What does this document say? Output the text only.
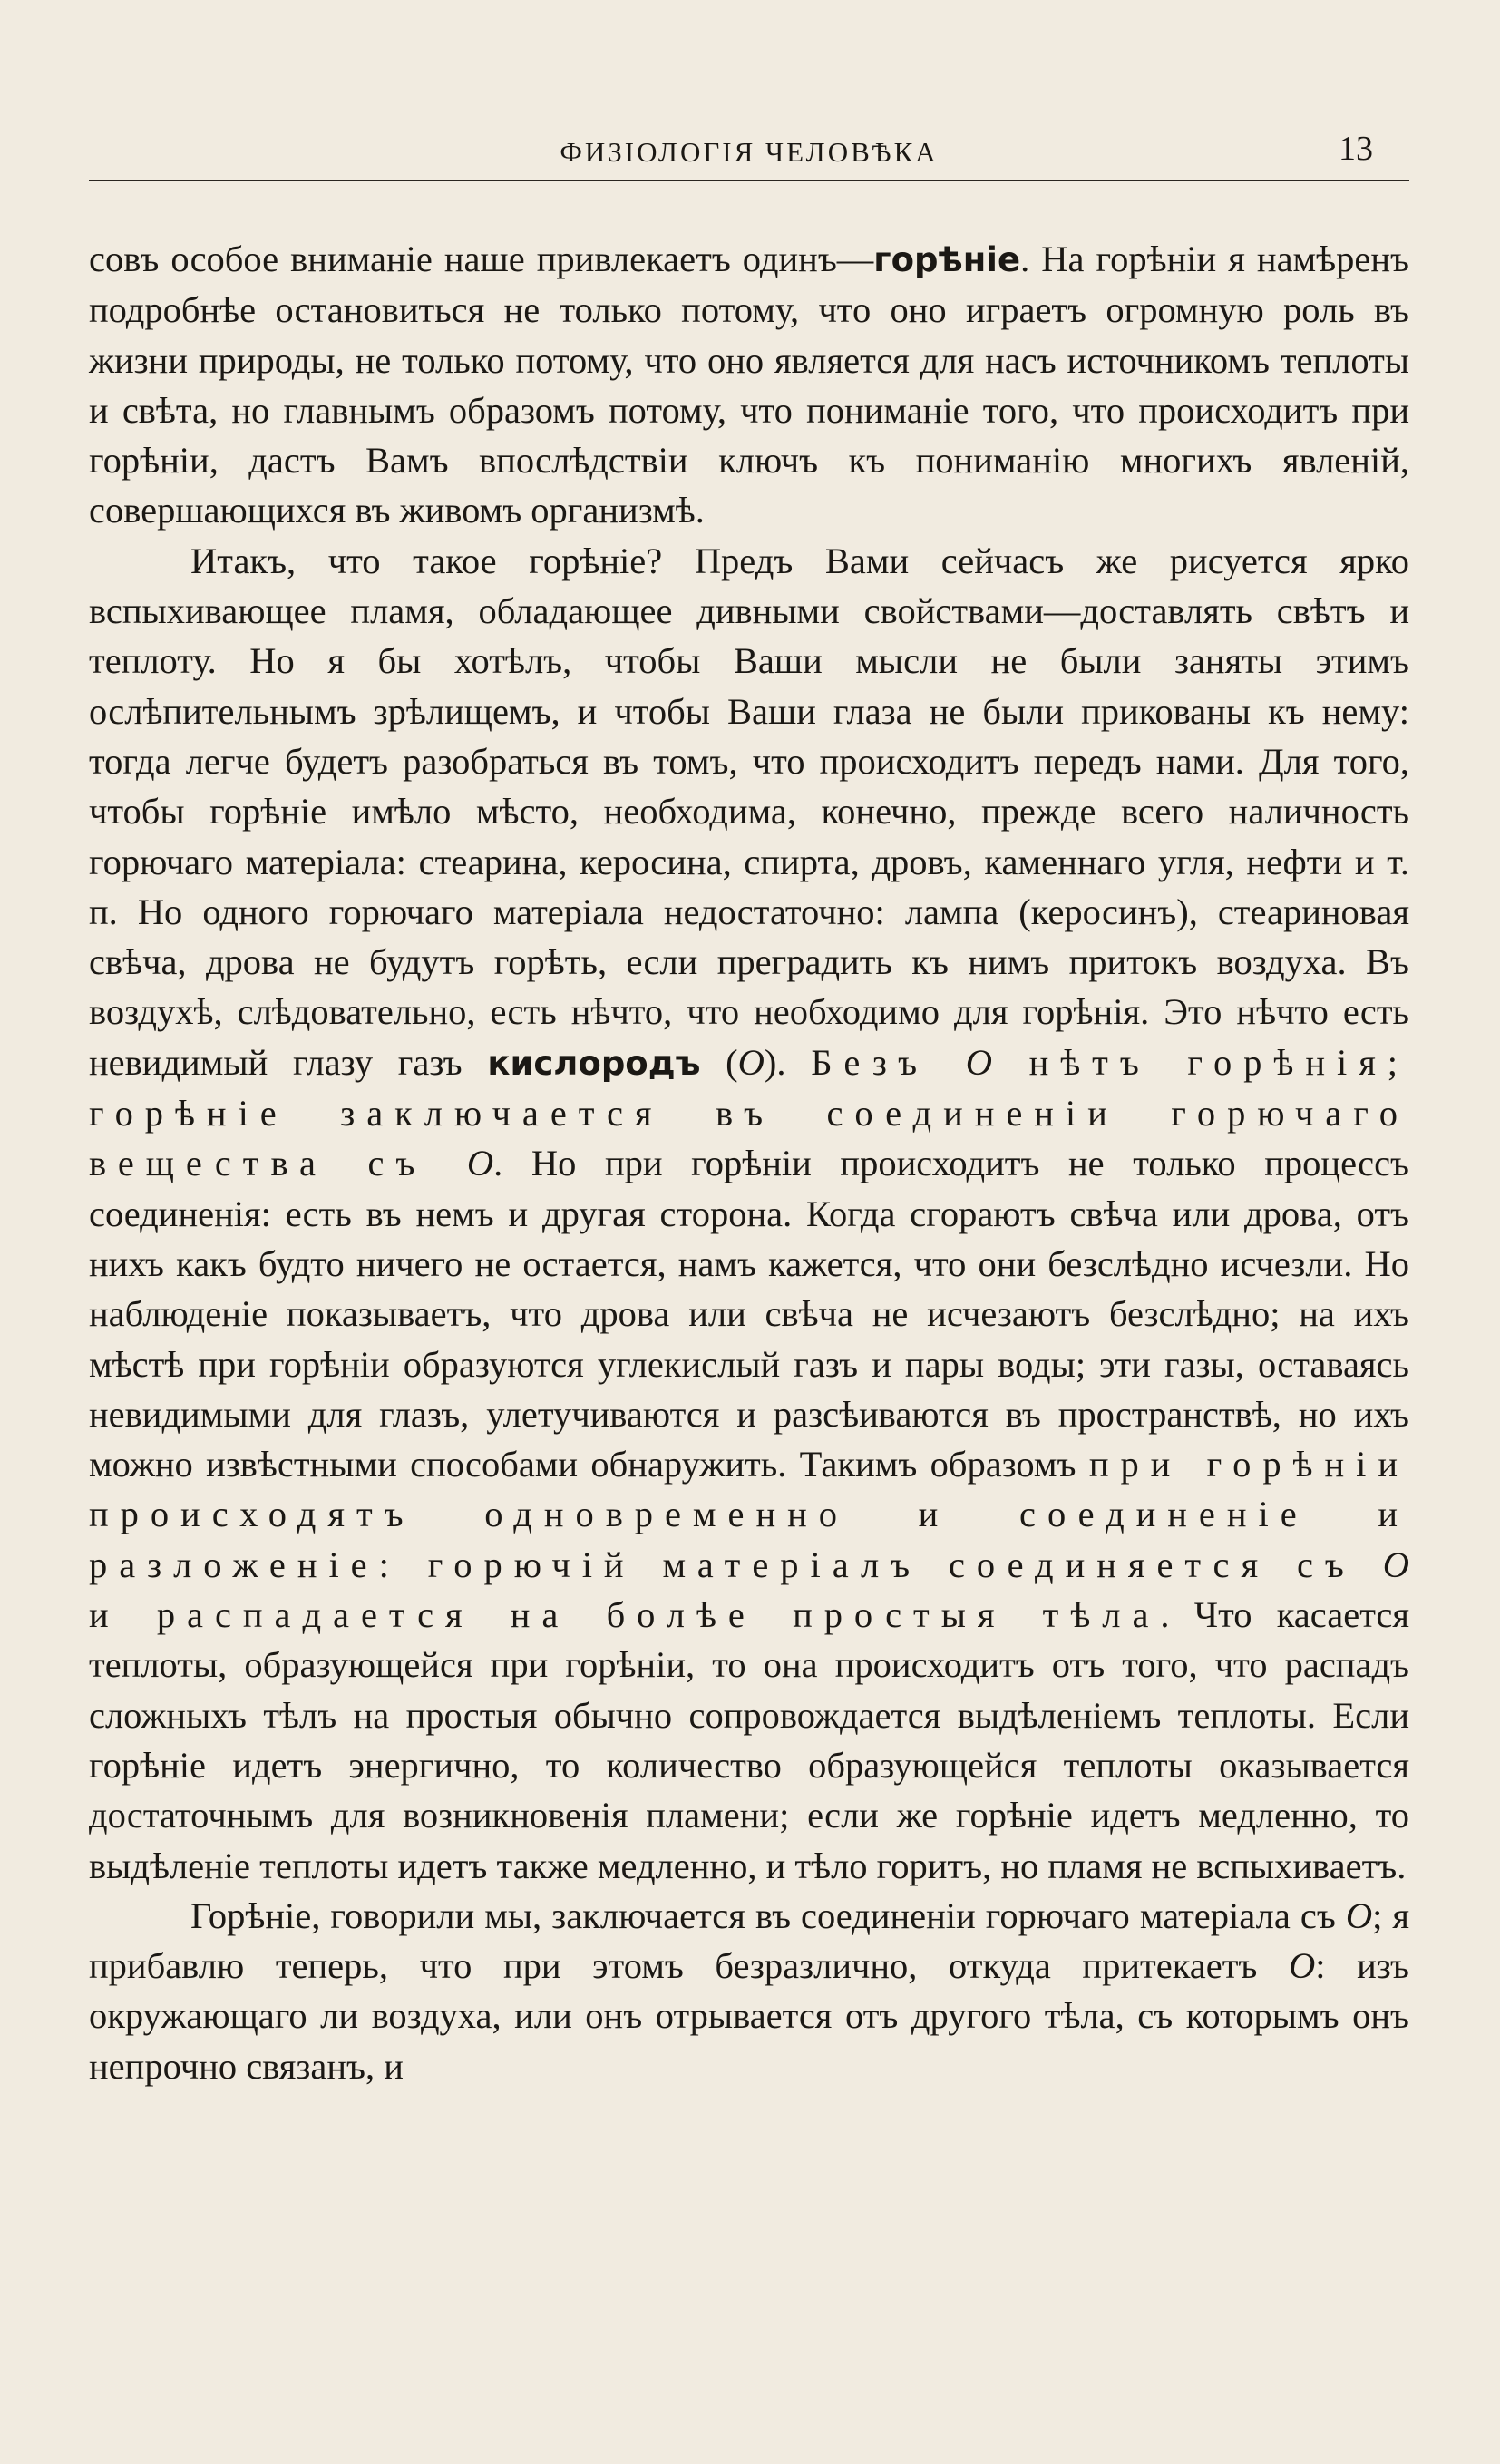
ФИЗІОЛОГІЯ ЧЕЛОВѢКА	13

совъ особое вниманіе наше привлекаетъ одинъ—горѣніе. На горѣніи я намѣренъ подробнѣе остановиться не только потому, что оно играетъ огромную роль въ жизни природы, не только потому, что оно является для насъ источникомъ теплоты и свѣта, но главнымъ образомъ потому, что пониманіе того, что происходитъ при горѣніи, дастъ Вамъ впослѣдствіи ключъ къ пониманію многихъ явленій, совершающихся въ живомъ организмѣ.

Итакъ, что такое горѣніе? Предъ Вами сейчасъ же рисуется ярко вспыхивающее пламя, обладающее дивными свойствами—доставлять свѣтъ и теплоту. Но я бы хотѣлъ, чтобы Ваши мысли не были заняты этимъ ослѣпительнымъ зрѣлищемъ, и чтобы Ваши глаза не были прикованы къ нему: тогда легче будетъ разобраться въ томъ, что происходитъ передъ нами. Для того, чтобы горѣніе имѣло мѣсто, необходима, конечно, прежде всего наличность горючаго матеріала: стеарина, керосина, спирта, дровъ, каменнаго угля, нефти и т. п. Но одного горючаго матеріала недостаточно: лампа (керосинъ), стеариновая свѣча, дрова не будутъ горѣть, если преградить къ нимъ притокъ воздуха. Въ воздухѣ, слѣдовательно, есть нѣчто, что необходимо для горѣнія. Это нѣчто есть невидимый глазу газъ кислородъ (O). Безъ O нѣтъ горѣнія; горѣніе заключается въ соединеніи горючаго вещества съ O. Но при горѣніи происходитъ не только процессъ соединенія: есть въ немъ и другая сторона. Когда сгораютъ свѣча или дрова, отъ нихъ какъ будто ничего не остается, намъ кажется, что они безслѣдно исчезли. Но наблюденіе показываетъ, что дрова или свѣча не исчезаютъ безслѣдно; на ихъ мѣстѣ при горѣніи образуются углекислый газъ и пары воды; эти газы, оставаясь невидимыми для глазъ, улетучиваются и разсѣиваются въ пространствѣ, но ихъ можно извѣстными способами обнаружить. Такимъ образомъ при горѣніи происходятъ одновременно и соединеніе и разложеніе: горючій матеріалъ соединяется съ O и распадается на болѣе простыя тѣла. Что касается теплоты, образующейся при горѣніи, то она происходитъ отъ того, что распадъ сложныхъ тѣлъ на простыя обычно сопровождается выдѣленіемъ теплоты. Если горѣніе идетъ энергично, то количество образующейся теплоты оказывается достаточнымъ для возникновенія пламени; если же горѣніе идетъ медленно, то выдѣленіе теплоты идетъ также медленно, и тѣло горитъ, но пламя не вспыхиваетъ.

Горѣніе, говорили мы, заключается въ соединеніи горючаго матеріала съ O; я прибавлю теперь, что при этомъ безразлично, откуда притекаетъ O: изъ окружающаго ли воздуха, или онъ отрывается отъ другого тѣла, съ которымъ онъ непрочно связанъ, и
